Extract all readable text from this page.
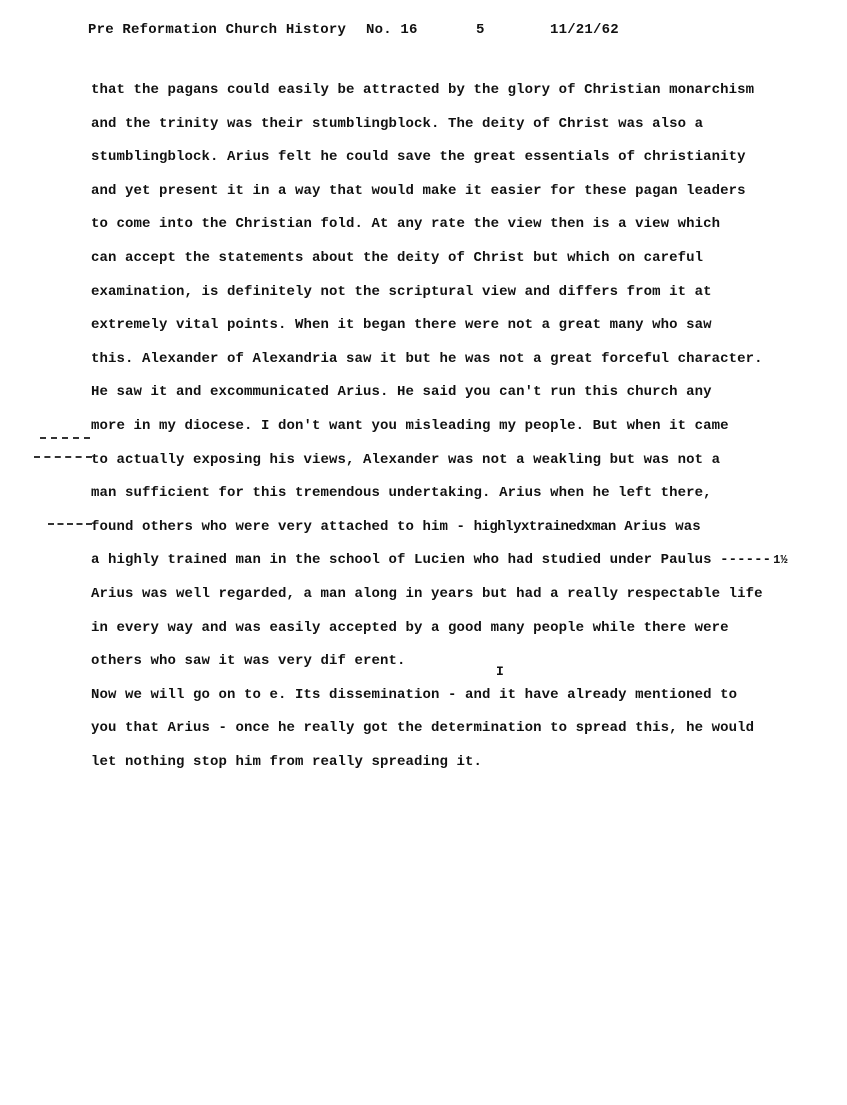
Pre Reformation Church History No. 16	5	11/21/62
that the pagans could easily be attracted by the glory of Christian monarchism
and the trinity was their stumblingblock. The deity of Christ was also a
stumblingblock. Arius felt he could save the great essentials of christianity
and yet present it in a way that would make it easier for these pagan leaders
to come into the Christian fold. At any rate the view then is a view which
can accept the statements about the deity of Christ but which on careful
examination, is definitely not the scriptural view and differs from it at
extremely vital points. When it began there were not a great many who saw
this. Alexander of Alexandria saw it but he was not a great forceful character.
He saw it and excommunicated Arius. He said you can't run this church any
more in my diocese. I don't want you misleading my people. But when it came
to actually exposing his views, Alexander was not a weakling but was not a
man sufficient for this tremendous undertaking. Arius when he left there,
found others who were very attached to him - highlyxtrainedxman Arius was
a highly trained man in the school of Lucien who had studied under Paulus ------ 1½
Arius was well regarded, a man along in years but had a really respectable life
in every way and was easily accepted by a good many people while there were
others who saw it was very dif erent.
Now we will go on to e. Its dissemination - and it have already mentioned to
you that Arius - once he really got the determination to spread this, he would
let nothing stop him from really spreading it.
I
